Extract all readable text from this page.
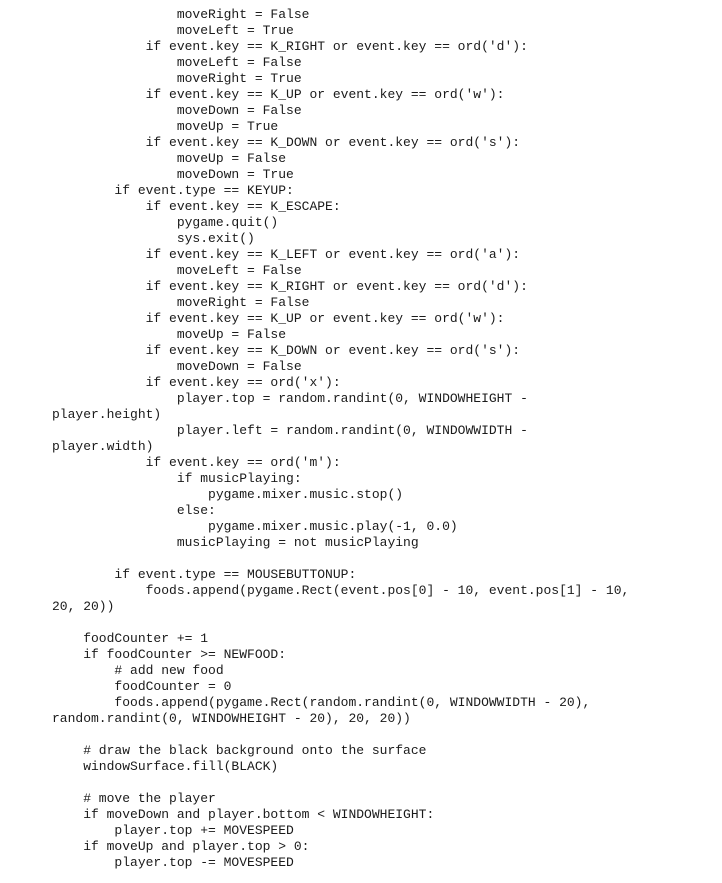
moveRight = False
moveLeft = True
if event.key == K_RIGHT or event.key == ord('d'):
moveLeft = False
moveRight = True
if event.key == K_UP or event.key == ord('w'):
moveDown = False
moveUp = True
if event.key == K_DOWN or event.key == ord('s'):
moveUp = False
moveDown = True
if event.type == KEYUP:
if event.key == K_ESCAPE:
pygame.quit()
sys.exit()
if event.key == K_LEFT or event.key == ord('a'):
moveLeft = False
if event.key == K_RIGHT or event.key == ord('d'):
moveRight = False
if event.key == K_UP or event.key == ord('w'):
moveUp = False
if event.key == K_DOWN or event.key == ord('s'):
moveDown = False
if event.key == ord('x'):
player.top = random.randint(0, WINDOWHEIGHT -
player.height)
player.left = random.randint(0, WINDOWWIDTH -
player.width)
if event.key == ord('m'):
if musicPlaying:
pygame.mixer.music.stop()
else:
pygame.mixer.music.play(-1, 0.0)
musicPlaying = not musicPlaying
if event.type == MOUSEBUTTONUP:
foods.append(pygame.Rect(event.pos[0] - 10, event.pos[1] - 10,
20, 20))
foodCounter += 1
if foodCounter >= NEWFOOD:
# add new food
foodCounter = 0
foods.append(pygame.Rect(random.randint(0, WINDOWWIDTH - 20),
random.randint(0, WINDOWHEIGHT - 20), 20, 20))
# draw the black background onto the surface
windowSurface.fill(BLACK)
# move the player
if moveDown and player.bottom < WINDOWHEIGHT:
player.top += MOVESPEED
if moveUp and player.top > 0:
player.top -= MOVESPEED
